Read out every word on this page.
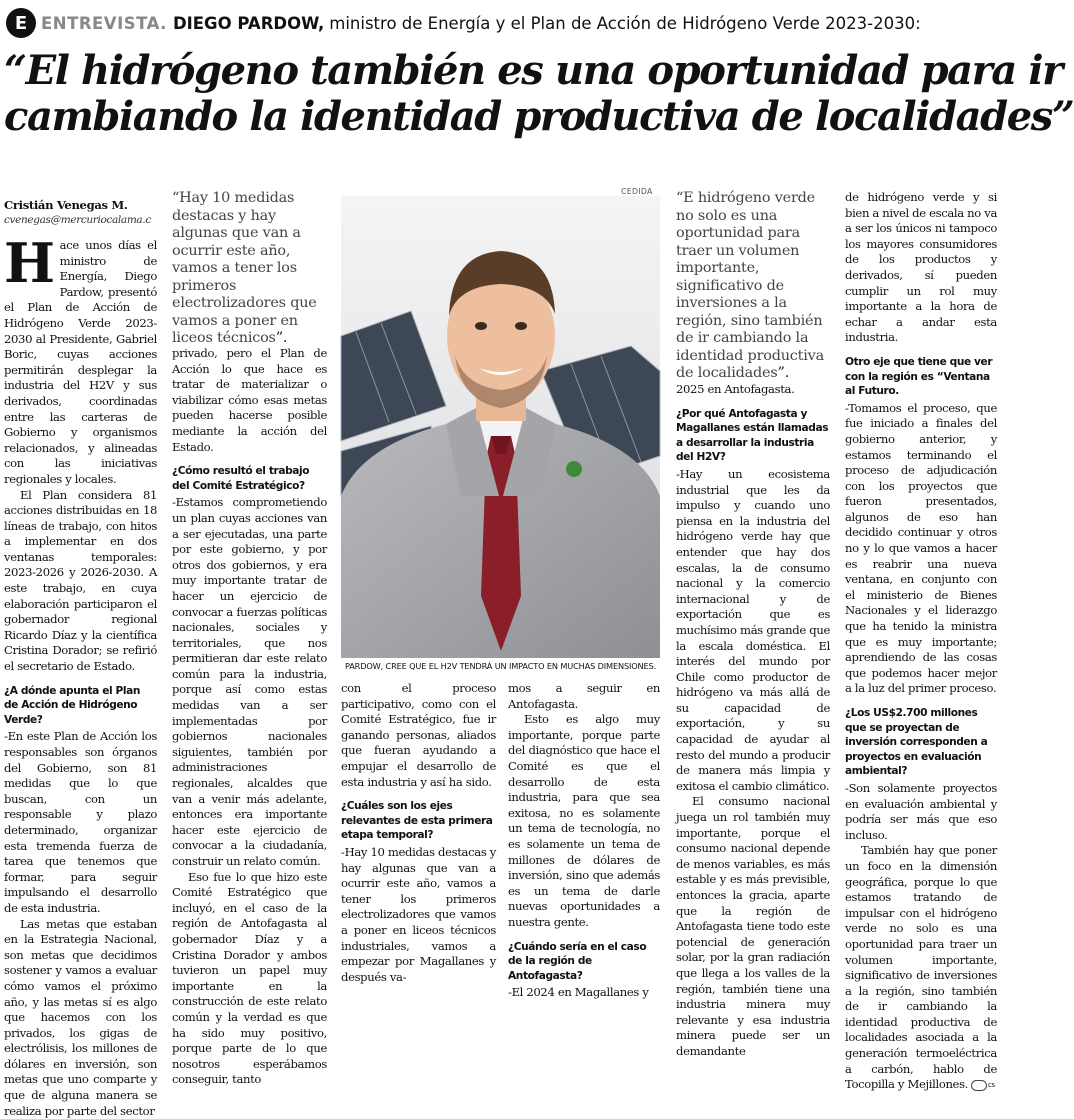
E ENTREVISTA. DIEGO PARDOW, ministro de Energía y el Plan de Acción de Hidrógeno Verde 2023-2030:
“El hidrógeno también es una oportunidad para ir
cambiando la identidad productiva de localidades”
Cristián Venegas M.
cvenegas@mercuriocalama.c

Hace unos días el ministro de Energía, Diego Pardow, presentó el Plan de Acción de Hidrógeno Verde 2023-2030 al Presidente, Gabriel Boric, cuyas acciones permitirán desplegar la industria del H2V y sus derivados, coordinadas entre las carteras de Gobierno y organismos relacionados, y alineadas con las iniciativas regionales y locales.

El Plan considera 81 acciones distribuidas en 18 líneas de trabajo, con hitos a implementar en dos ventanas temporales: 2023-2026 y 2026-2030. A este trabajo, en cuya elaboración participaron el gobernador regional Ricardo Díaz y la científica Cristina Dorador; se refirió el secretario de Estado.

¿A dónde apunta el Plan de Acción de Hidrógeno Verde?

-En este Plan de Acción los responsables son órganos del Gobierno, son 81 medidas que lo que buscan, con un responsable y plazo determinado, organizar esta tremenda fuerza de tarea que tenemos que formar, para seguir impulsando el desarrollo de esta industria.

Las metas que estaban en la Estrategia Nacional, son metas que decidimos sostener y vamos a evaluar cómo vamos el próximo año, y las metas sí es algo que hacemos con los privados, los gigas de electrólisis, los millones de dólares en inversión, son metas que uno comparte y que de alguna manera se realiza por parte del sector

“Hay 10 medidas destacas y hay algunas que van a ocurrir este año, vamos a tener los primeros electrolizadores que vamos a poner en liceos técnicos”.

privado, pero el Plan de Acción lo que hace es tratar de materializar o viabilizar cómo esas metas pueden hacerse posible mediante la acción del Estado.

¿Cómo resultó el trabajo del Comité Estratégico?

-Estamos comprometiendo un plan cuyas acciones van a ser ejecutadas, una parte por este gobierno, y por otros dos gobiernos, y era muy importante tratar de hacer un ejercicio de convocar a fuerzas políticas nacionales, sociales y territoriales, que nos permitieran dar este relato común para la industria, porque así como estas medidas van a ser implementadas por gobiernos nacionales siguientes, también por administraciones regionales, alcaldes que van a venir más adelante, entonces era importante hacer este ejercicio de convocar a la ciudadanía, construir un relato común.

Eso fue lo que hizo este Comité Estratégico que incluyó, en el caso de la región de Antofagasta al gobernador Díaz y a Cristina Dorador y ambos tuvieron un papel muy importante en la construcción de este relato común y la verdad es que ha sido muy positivo, porque parte de lo que nosotros esperábamos conseguir, tanto

CEDIDA
PARDOW, CREE QUE EL H2V TENDRÁ UN IMPACTO EN MUCHAS DIMENSIONES.

con el proceso participativo, como con el Comité Estratégico, fue ir ganando personas, aliados que fueran ayudando a empujar el desarrollo de esta industria y así ha sido.

¿Cuáles son los ejes relevantes de esta primera etapa temporal?

-Hay 10 medidas destacas y hay algunas que van a ocurrir este año, vamos a tener los primeros electrolizadores que vamos a poner en liceos técnicos industriales, vamos a empezar por Magallanes y después va-

mos a seguir en Antofagasta.

Esto es algo muy importante, porque parte del diagnóstico que hace el Comité es que el desarrollo de esta industria, para que sea exitosa, no es solamente un tema de tecnología, no es solamente un tema de millones de dólares de inversión, sino que además es un tema de darle nuevas oportunidades a nuestra gente.

¿Cuándo sería en el caso de la región de Antofagasta?

-El 2024 en Magallanes y

“E hidrógeno verde no solo es una oportunidad para traer un volumen importante, significativo de inversiones a la región, sino también de ir cambiando la identidad productiva de localidades”.

2025 en Antofagasta.

¿Por qué Antofagasta y Magallanes están llamadas a desarrollar la industria del H2V?

-Hay un ecosistema industrial que les da impulso y cuando uno piensa en la industria del hidrógeno verde hay que entender que hay dos escalas, la de consumo nacional y la comercio internacional y de exportación que es muchísimo más grande que la escala doméstica. El interés del mundo por Chile como productor de hidrógeno va más allá de su capacidad de exportación, y su capacidad de ayudar al resto del mundo a producir de manera más limpia y exitosa el cambio climático.

El consumo nacional juega un rol también muy importante, porque el consumo nacional depende de menos variables, es más estable y es más previsible, entonces la gracia, aparte que la región de Antofagasta tiene todo este potencial de generación solar, por la gran radiación que llega a los valles de la región, también tiene una industria minera muy relevante y esa industria minera puede ser un demandante

de hidrógeno verde y si bien a nivel de escala no va a ser los únicos ni tampoco los mayores consumidores de los productos y derivados, sí pueden cumplir un rol muy importante a la hora de echar a andar esta industria.

Otro eje que tiene que ver con la región es “Ventana al Futuro.

-Tomamos el proceso, que fue iniciado a finales del gobierno anterior, y estamos terminando el proceso de adjudicación con los proyectos que fueron presentados, algunos de eso han decidido continuar y otros no y lo que vamos a hacer es reabrir una nueva ventana, en conjunto con el ministerio de Bienes Nacionales y el liderazgo que ha tenido la ministra que es muy importante; aprendiendo de las cosas que podemos hacer mejor a la luz del primer proceso.

¿Los US$2.700 millones que se proyectan de inversión corresponden a proyectos en evaluación ambiental?

-Son solamente proyectos en evaluación ambiental y podría ser más que eso incluso.

También hay que poner un foco en la dimensión geográfica, porque lo que estamos tratando de impulsar con el hidrógeno verde no solo es una oportunidad para traer un volumen importante, significativo de inversiones a la región, sino también de ir cambiando la identidad productiva de localidades asociada a la generación termoeléctrica a carbón, hablo de Tocopilla y Mejillones.	cs
